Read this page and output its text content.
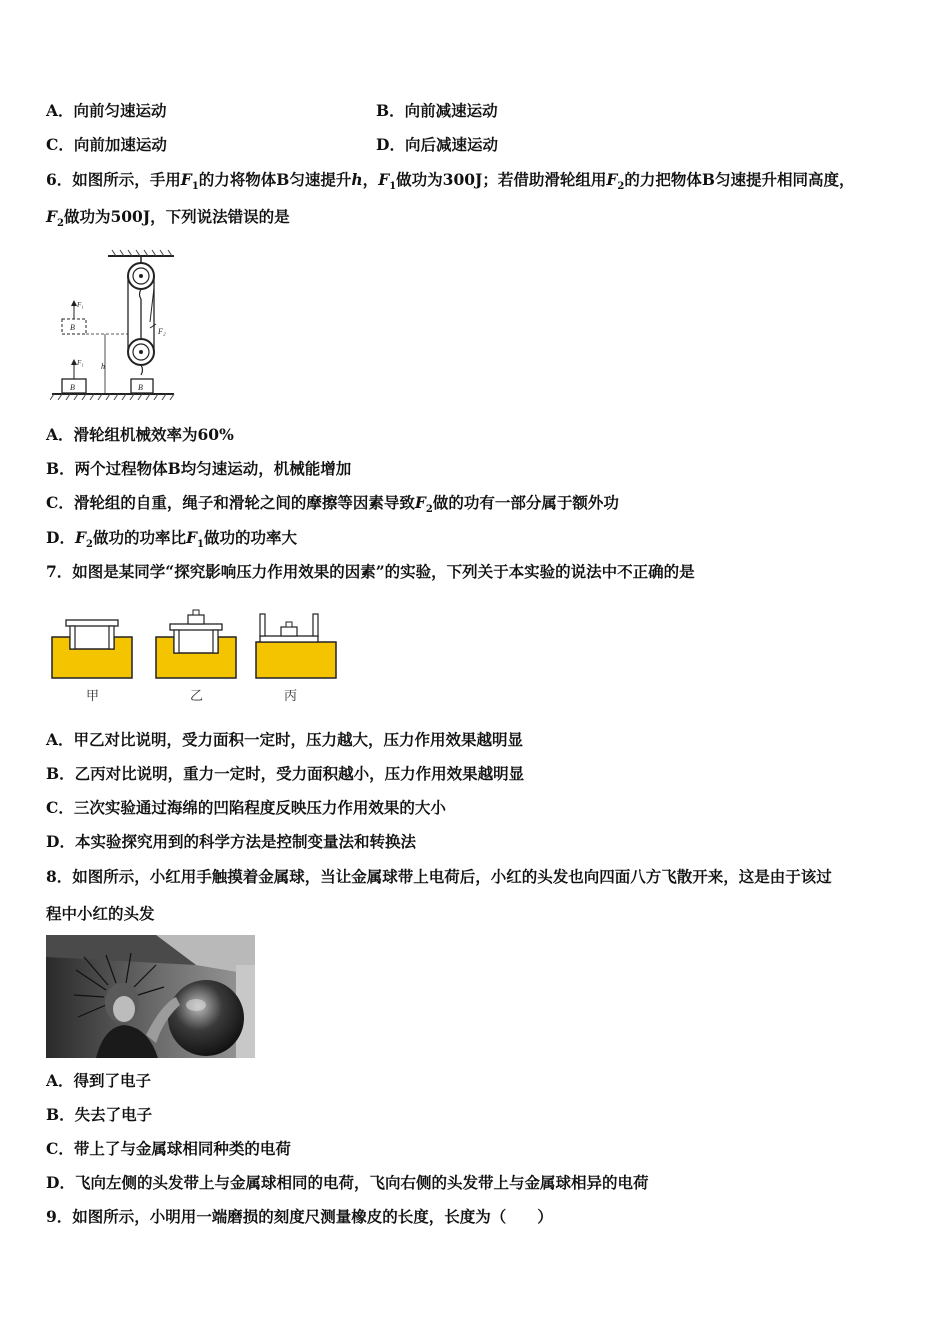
A．向前匀速运动	B．向前减速运动
C．向前加速运动	D．向后减速运动
6．如图所示，手用$F_1$的力将物体B匀速提升h，$F_1$做功为300J；若借助滑轮组用$F_2$的力把物体B匀速提升相同高度，
$F_2$做功为500J，下列说法错误的是
F₂
B
B
F₁
B
F₁
h
A．滑轮组机械效率为60%
B．两个过程物体B均匀速运动，机械能增加
C．滑轮组的自重，绳子和滑轮之间的摩擦等因素导致$F_2$做的功有一部分属于额外功
D．$F_2$做功的功率比$F_1$做功的功率大
7．如图是某同学“探究影响压力作用效果的因素”的实验，下列关于本实验的说法中不正确的是
甲	乙	丙
A．甲乙对比说明，受力面积一定时，压力越大，压力作用效果越明显
B．乙丙对比说明，重力一定时，受力面积越小，压力作用效果越明显
C．三次实验通过海绵的凹陷程度反映压力作用效果的大小
D．本实验探究用到的科学方法是控制变量法和转换法
8．如图所示，小红用手触摸着金属球，当让金属球带上电荷后，小红的头发也向四面八方飞散开来，这是由于该过
程中小红的头发
A．得到了电子
B．失去了电子
C．带上了与金属球相同种类的电荷
D．飞向左侧的头发带上与金属球相同的电荷，飞向右侧的头发带上与金属球相异的电荷
9．如图所示，小明用一端磨损的刻度尺测量橡皮的长度，长度为（　　）
